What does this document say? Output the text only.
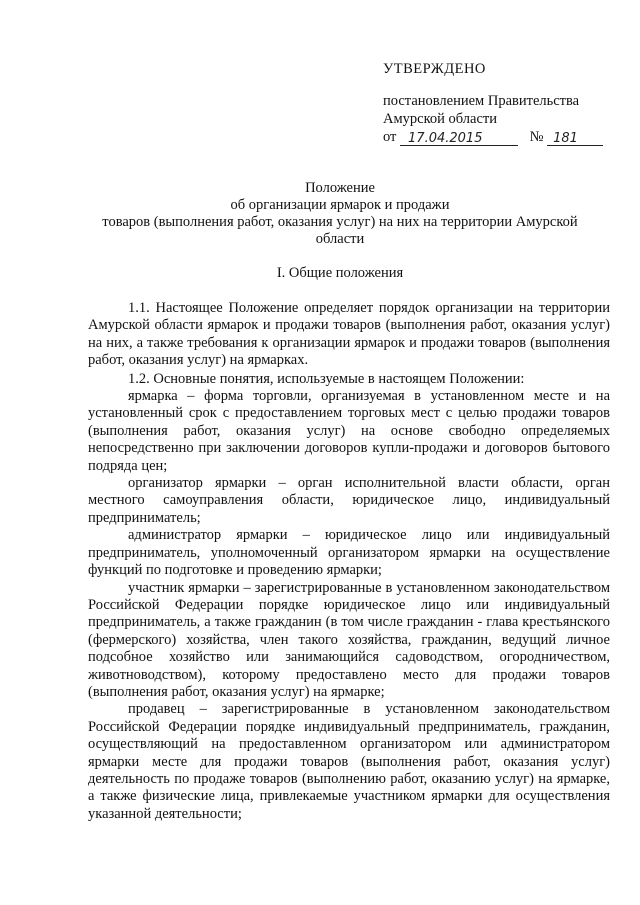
УТВЕРЖДЕНО
постановлением Правительства
Амурской области
от 17.04.2015	№ 181
Положение
об организации ярмарок и продажи
товаров (выполнения работ, оказания услуг) на них на территории Амурской
области
I. Общие положения

1.1. Настоящее Положение определяет порядок организации на территории Амурской области ярмарок и продажи товаров (выполнения работ, оказания услуг) на них, а также требования к организации ярмарок и продажи товаров (выполнения работ, оказания услуг) на ярмарках.

1.2. Основные понятия, используемые в настоящем Положении:

ярмарка – форма торговли, организуемая в установленном месте и на установленный срок с предоставлением торговых мест с целью продажи товаров (выполнения работ, оказания услуг) на основе свободно определяемых непосредственно при заключении договоров купли-продажи и договоров бытового подряда цен;

организатор ярмарки – орган исполнительной власти области, орган местного самоуправления области, юридическое лицо, индивидуальный предприниматель;

администратор ярмарки – юридическое лицо или индивидуальный предприниматель, уполномоченный организатором ярмарки на осуществление функций по подготовке и проведению ярмарки;

участник ярмарки – зарегистрированные в установленном законодательством Российской Федерации порядке юридическое лицо или индивидуальный предприниматель, а также гражданин (в том числе гражданин - глава крестьянского (фермерского) хозяйства, член такого хозяйства, гражданин, ведущий личное подсобное хозяйство или занимающийся садоводством, огородничеством, животноводством), которому предоставлено место для продажи товаров (выполнения работ, оказания услуг) на ярмарке;

продавец – зарегистрированные в установленном законодательством Российской Федерации порядке индивидуальный предприниматель, гражданин, осуществляющий на предоставленном организатором или администратором ярмарки месте для продажи товаров (выполнения работ, оказания услуг) деятельность по продаже товаров (выполнению работ, оказанию услуг) на ярмарке, а также физические лица, привлекаемые участником ярмарки для осуществления указанной деятельности;
